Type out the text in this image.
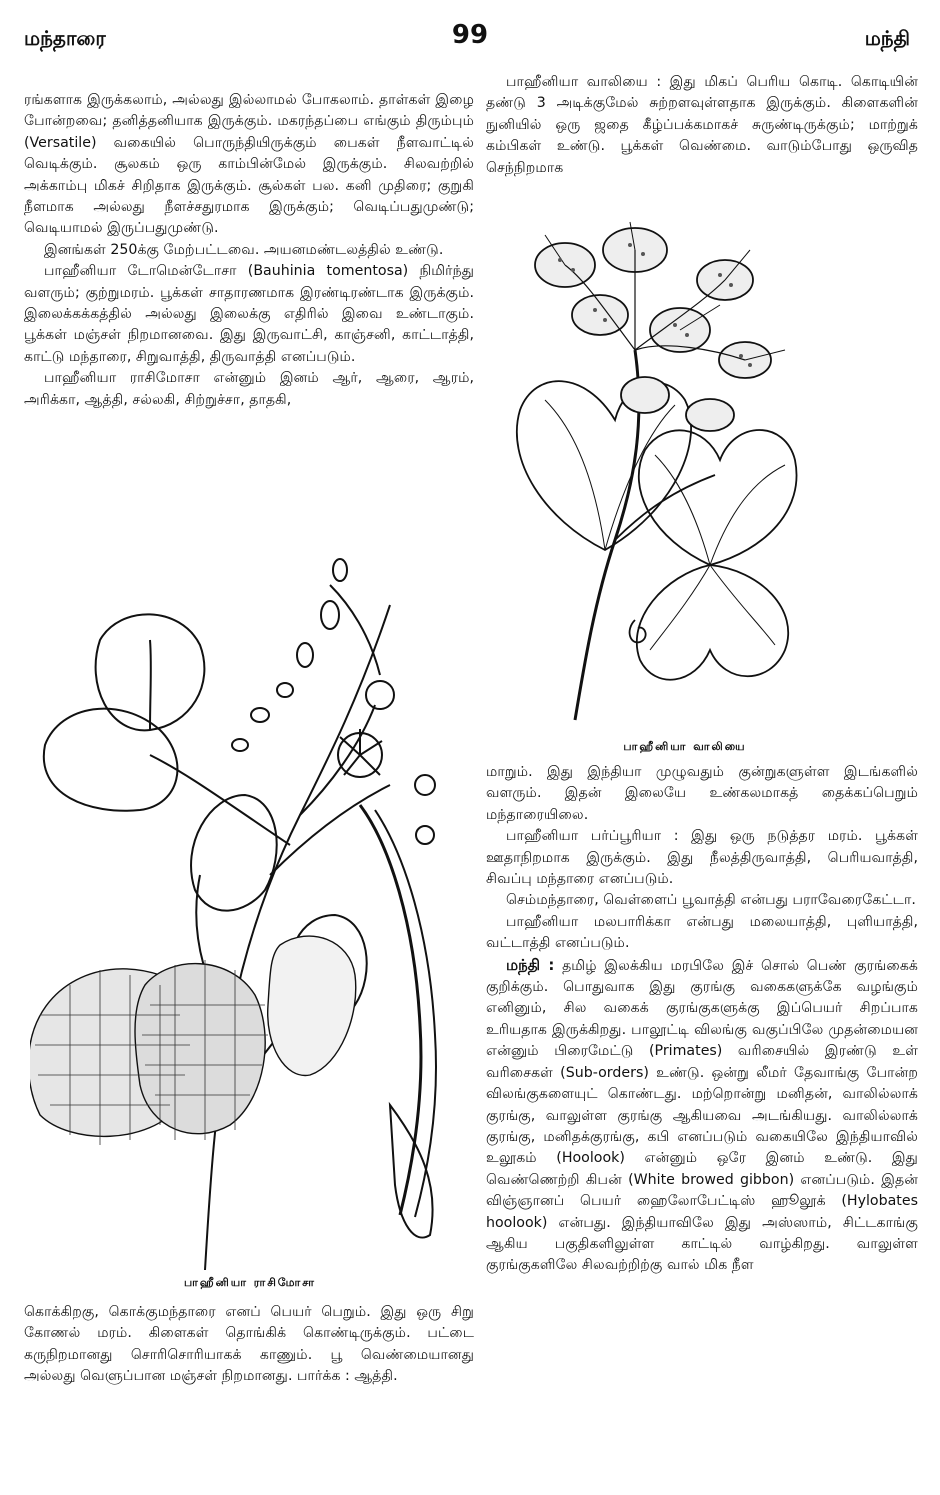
மந்தாரை	99	மந்தி

ரங்களாக இருக்கலாம், அல்லது இல்லாமல் போகலாம். தாள்கள் இழை போன்றவை; தனித்தனியாக இருக்கும். மகரந்தப்பை எங்கும் திரும்பும் (Versatile) வகையில் பொருந்தியிருக்கும் பைகள் நீளவாட்டில் வெடிக்கும். சூலகம் ஒரு காம்பின்மேல் இருக்கும். சிலவற்றில் அக்காம்பு மிகச் சிறிதாக இருக்கும். சூல்கள் பல. கனி முதிரை; குறுகி நீளமாக அல்லது நீளச்சதுரமாக இருக்கும்; வெடிப்பதுமுண்டு; வெடியாமல் இருப்பதுமுண்டு.

இனங்கள் 250க்கு மேற்பட்டவை. அயனமண்டலத்தில் உண்டு.

பாஹீனியா டோமென்டோசா (Bauhinia tomentosa) நிமிர்ந்து வளரும்; குற்றுமரம். பூக்கள் சாதாரணமாக இரண்டிரண்டாக இருக்கும். இலைக்கக்கத்தில் அல்லது இலைக்கு எதிரில் இவை உண்டாகும். பூக்கள் மஞ்சள் நிறமானவை. இது இருவாட்சி, காஞ்சனி, காட்டாத்தி, காட்டு மந்தாரை, சிறுவாத்தி, திருவாத்தி எனப்படும்.

பாஹீனியா ராசிமோசா என்னும் இனம் ஆர், ஆரை, ஆரம், அரிக்கா, ஆத்தி, சல்லகி, சிற்றுச்சா, தாதகி,

பாஹீனியா ராசிமோசா

கொக்கிறகு, கொக்குமந்தாரை எனப் பெயர் பெறும். இது ஒரு சிறு கோணல் மரம். கிளைகள் தொங்கிக் கொண்டிருக்கும். பட்டை கருநிறமானது சொரிசொரியாகக் காணும். பூ வெண்மையானது அல்லது வெளுப்பான மஞ்சள் நிறமானது. பார்க்க : ஆத்தி.

பாஹீனியா வாலியை : இது மிகப் பெரிய கொடி. கொடியின் தண்டு 3 அடிக்குமேல் சுற்றளவுள்ளதாக இருக்கும். கிளைகளின் நுனியில் ஒரு ஜதை கீழ்ப்பக்கமாகச் சுருண்டிருக்கும்; மாற்றுக் கம்பிகள் உண்டு. பூக்கள் வெண்மை. வாடும்போது ஒருவித செந்நிறமாக

பாஹீனியா வாலியை

மாறும். இது இந்தியா முழுவதும் குன்றுகளுள்ள இடங்களில் வளரும். இதன் இலையே உண்கலமாகத் தைக்கப்பெறும் மந்தாரையிலை.

பாஹீனியா பர்ப்பூரியா : இது ஒரு நடுத்தர மரம். பூக்கள் ஊதாநிறமாக இருக்கும். இது நீலத்திருவாத்தி, பெரியவாத்தி, சிவப்பு மந்தாரை எனப்படும்.

செம்மந்தாரை, வெள்ளைப் பூவாத்தி என்பது பராவேரைகேட்டா.

பாஹீனியா மலபாரிக்கா என்பது மலையாத்தி, புளியாத்தி, வட்டாத்தி எனப்படும்.

மந்தி : தமிழ் இலக்கிய மரபிலே இச் சொல் பெண் குரங்கைக் குறிக்கும். பொதுவாக இது குரங்கு வகைகளுக்கே வழங்கும் எனினும், சில வகைக் குரங்குகளுக்கு இப்பெயர் சிறப்பாக உரியதாக இருக்கிறது. பாலூட்டி விலங்கு வகுப்பிலே முதன்மையன என்னும் பிரைமேட்டு (Primates) வரிசையில் இரண்டு உள் வரிசைகள் (Sub-orders) உண்டு. ஒன்று லீமர் தேவாங்கு போன்ற விலங்குகளையுட் கொண்டது. மற்றொன்று மனிதன், வாலில்லாக் குரங்கு, வாலுள்ள குரங்கு ஆகியவை அடங்கியது. வாலில்லாக் குரங்கு, மனிதக்குரங்கு, கபி எனப்படும் வகையிலே இந்தியாவில் உலூகம் (Hoolook) என்னும் ஒரே இனம் உண்டு. இது வெண்ணெற்றி கிபன் (White browed gibbon) எனப்படும். இதன் விஞ்ஞானப் பெயர் ஹைலோபேட்டிஸ் ஹூலூக் (Hylobates hoolook) என்பது. இந்தியாவிலே இது அஸ்ஸாம், சிட்டகாங்கு ஆகிய பகுதிகளிலுள்ள காட்டில் வாழ்கிறது. வாலுள்ள குரங்குகளிலே சிலவற்றிற்கு வால் மிக நீள
